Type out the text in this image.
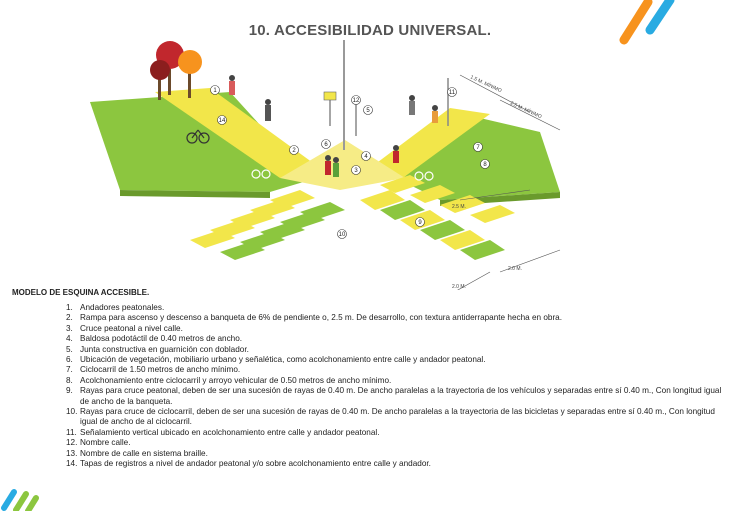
10. ACCESIBILIDAD UNIVERSAL.
1
2
3
4
5
6	7
8
9
10
11
12
14
1.5 M. MÍNIMO
2.5 M. MÍNIMO
2.5 M.
2.0 M.
2.0 M.
MODELO DE ESQUINA ACCESIBLE.
1. Andadores peatonales.
2. Rampa para ascenso y descenso a banqueta de 6% de pendiente o, 2.5 m. De desarrollo, con textura antiderrapante hecha en obra.
3. Cruce peatonal a nivel calle.
4. Baldosa podotáctil de 0.40 metros de ancho.
5. Junta constructiva en guarnición con doblador.
6. Ubicación de vegetación, mobiliario urbano y señalética, como acolchonamiento entre calle y andador peatonal.
7. Ciclocarril de 1.50 metros de ancho mínimo.
8. Acolchonamiento entre ciclocarril y arroyo vehicular de 0.50 metros de ancho mínimo.
9. Rayas para cruce peatonal, deben de ser una sucesión de rayas de 0.40 m. De ancho paralelas a la trayectoria de los vehículos y separadas entre sí 0.40 m., Con longitud igual de ancho de la banqueta.
10. Rayas para cruce de ciclocarril, deben de ser una sucesión de rayas de 0.40 m. De ancho paralelas a la trayectoria de las bicicletas y separadas entre sí 0.40 m., Con longitud igual de ancho de al ciclocarril.
11. Señalamiento vertical ubicado en acolchonamiento entre calle y andador peatonal.
12. Nombre calle.
13. Nombre de calle en sistema braille.
14. Tapas de registros a nivel de andador peatonal y/o sobre acolchonamiento entre calle y andador.
